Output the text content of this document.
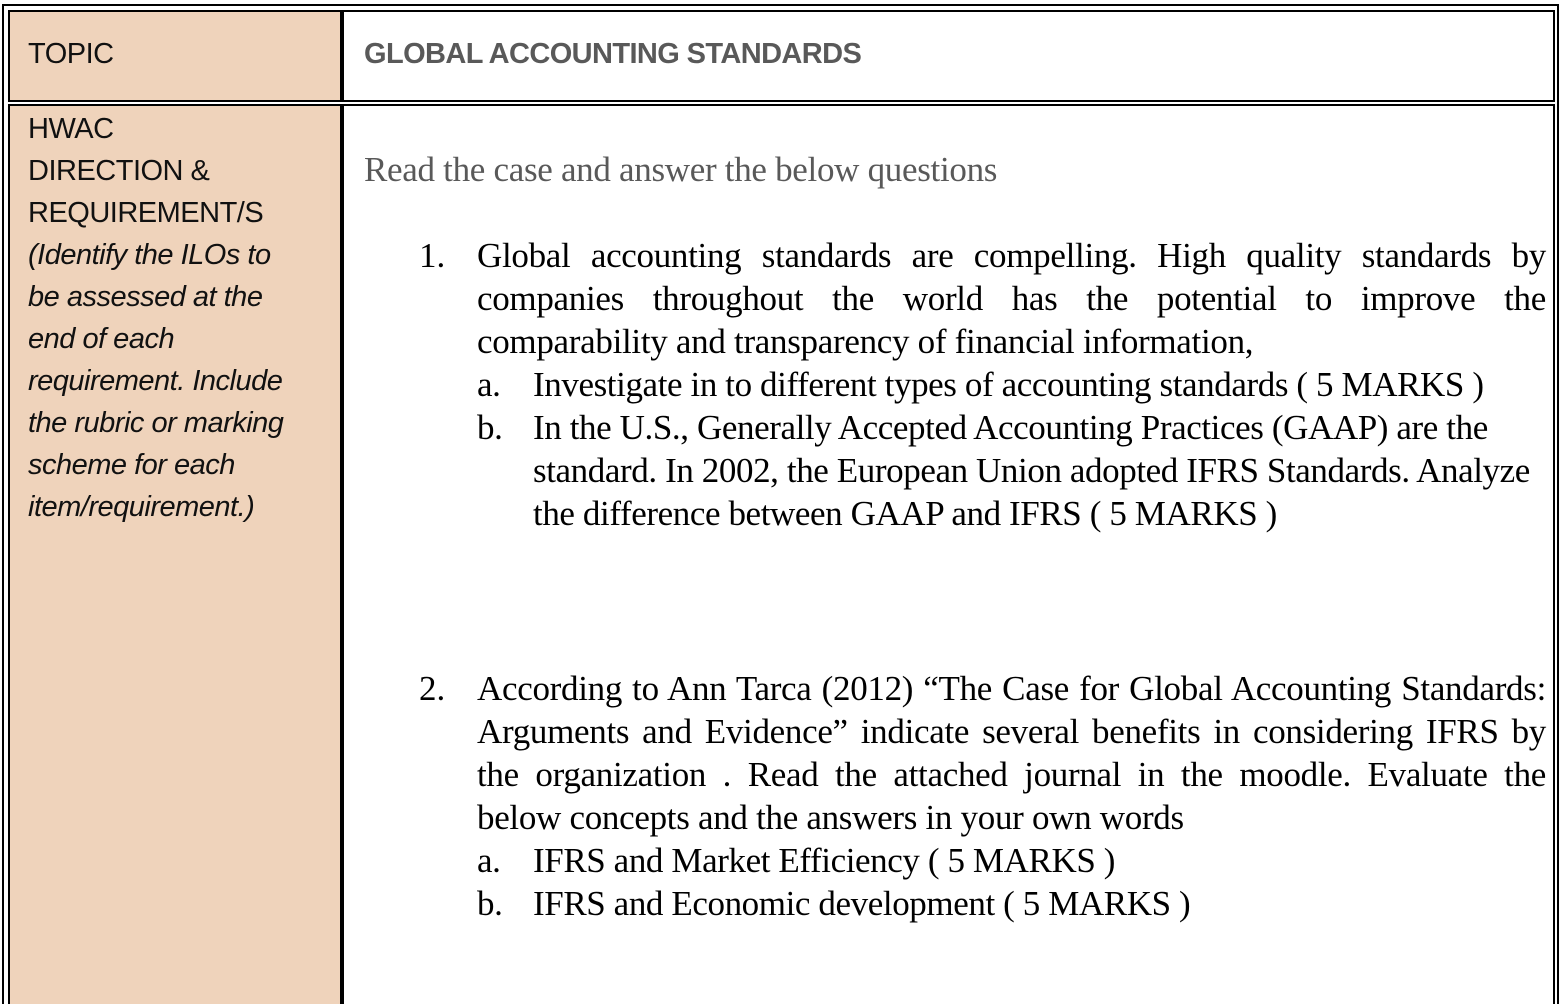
TOPIC	GLOBAL ACCOUNTING STANDARDS
HWAC
DIRECTION &
REQUIREMENT/S
(Identify the ILOs to
be assessed at the
end of each
requirement. Include
the rubric or marking
scheme for each
item/requirement.)
Read the case and answer the below questions
1. Global accounting standards are compelling. High quality standards by companies throughout the world has the potential to improve the comparability and transparency of financial information,
a. Investigate in to different types of accounting standards ( 5 MARKS )
b. In the U.S., Generally Accepted Accounting Practices (GAAP) are the standard. In 2002, the European Union adopted IFRS Standards. Analyze the difference between GAAP and IFRS ( 5 MARKS )
2. According to Ann Tarca (2012) “The Case for Global Accounting Standards: Arguments and Evidence” indicate several benefits in considering IFRS by the organization . Read the attached journal in the moodle. Evaluate the below concepts and the answers in your own words
a. IFRS and Market Efficiency ( 5 MARKS )
b. IFRS and Economic development ( 5 MARKS )
